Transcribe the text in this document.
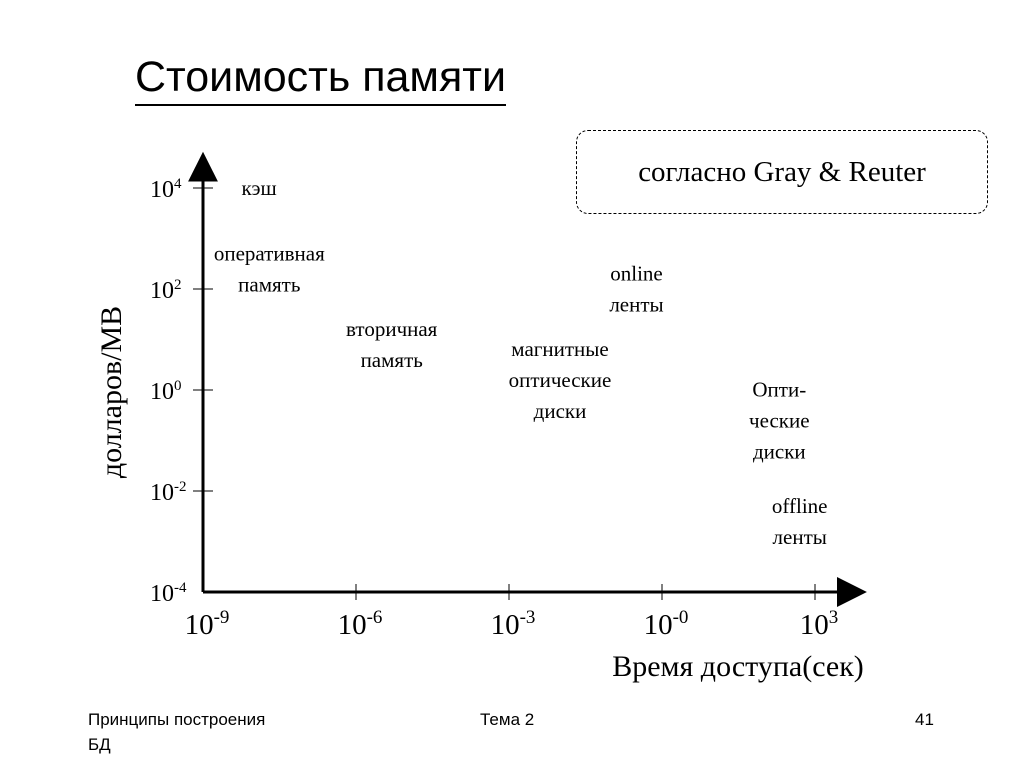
Стоимость памяти
согласно Gray & Reuter
$10^{-9}$	$10^{-6}$	$10^{-3}$	$10^{-0}$	$10^3$
$10^4$
$10^2$
$10^0$
$10^{-2}$
$10^{-4}$
долларов/MB
Время доступа(сек)
кэш
оперативная память
вторичная память	магнитные оптические диски
online ленты
Опти-ческие диски
offline ленты
Принципы построения БД
Тема 2	41
